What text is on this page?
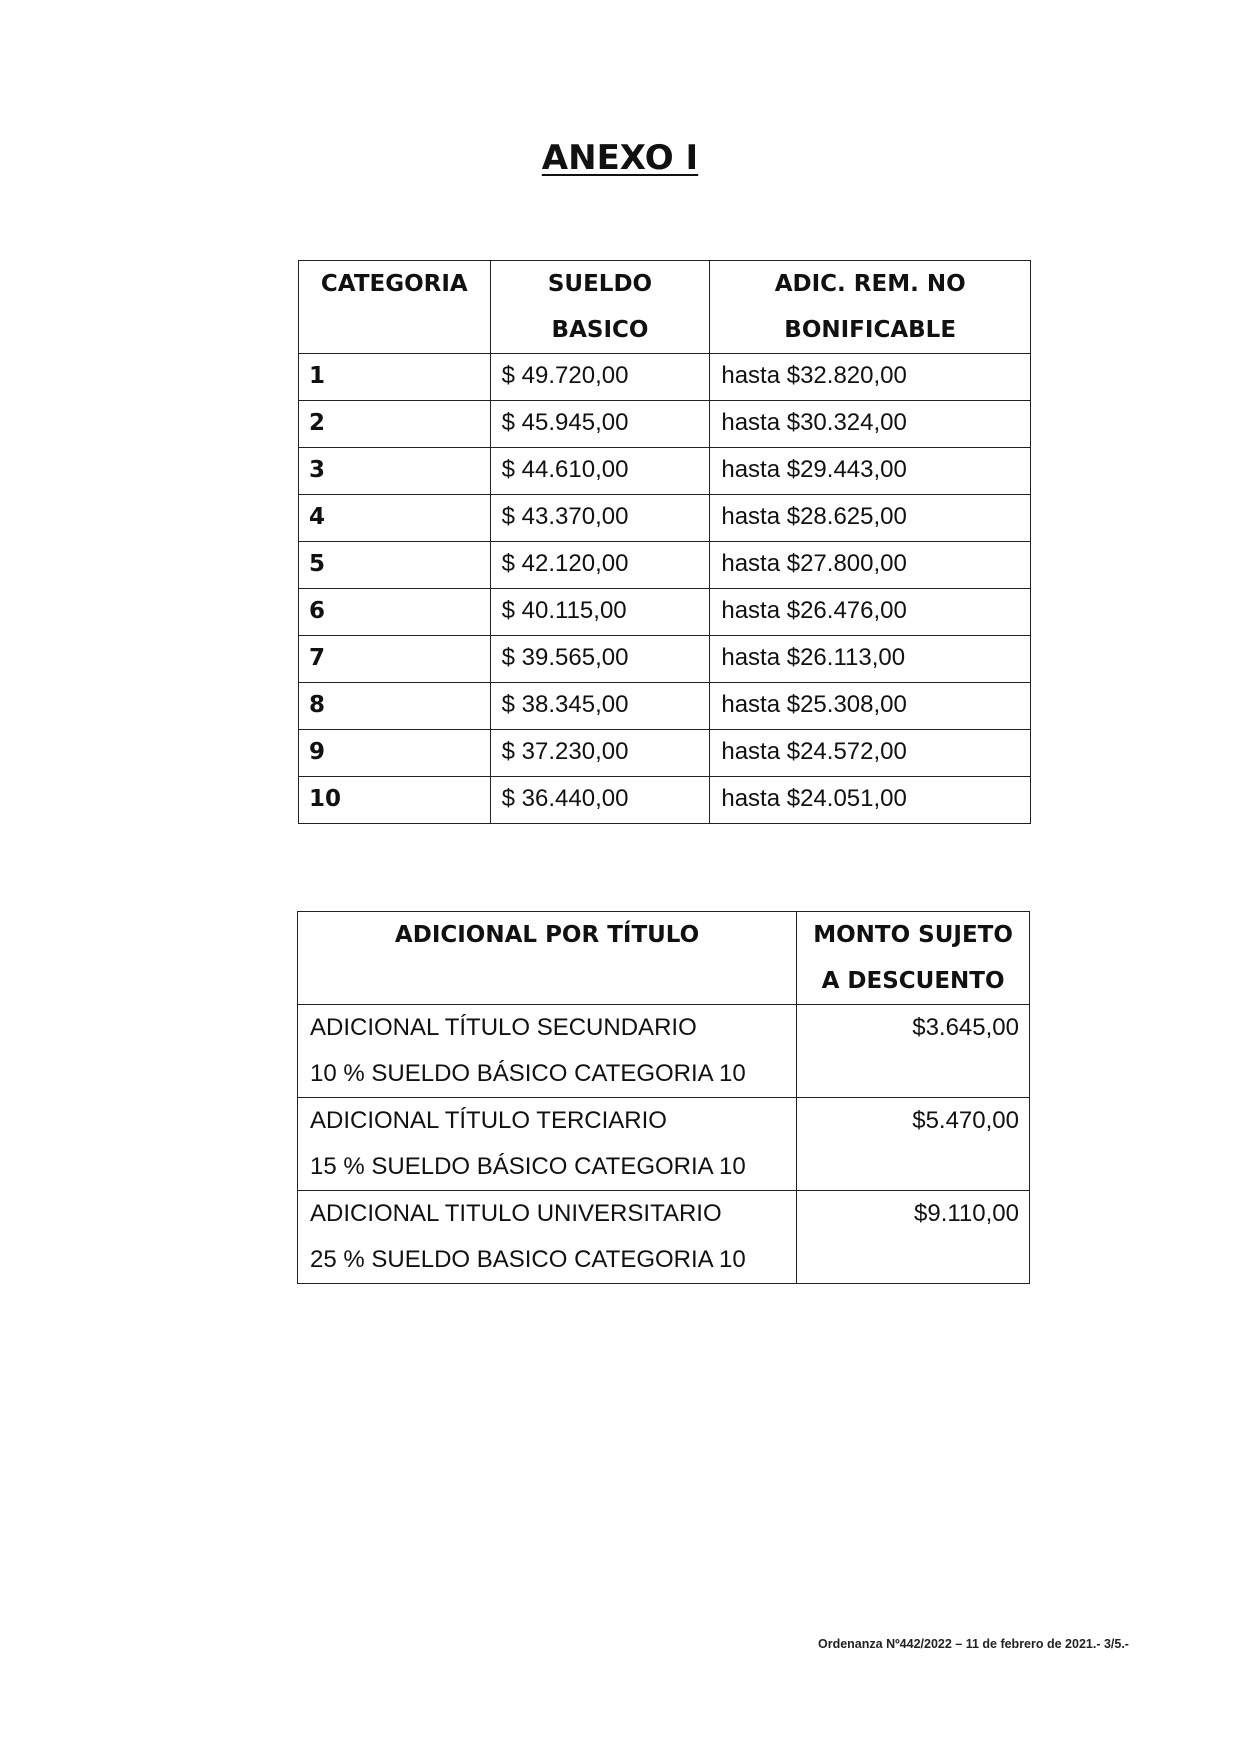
ANEXO I
CATEGORIA	SUELDO BASICO	ADIC. REM. NO BONIFICABLE
1	$ 49.720,00	hasta $32.820,00
2	$ 45.945,00	hasta $30.324,00
3	$ 44.610,00	hasta $29.443,00
4	$ 43.370,00	hasta $28.625,00
5	$ 42.120,00	hasta $27.800,00
6	$ 40.115,00	hasta $26.476,00
7	$ 39.565,00	hasta $26.113,00
8	$ 38.345,00	hasta $25.308,00
9	$ 37.230,00	hasta $24.572,00
10	$ 36.440,00	hasta $24.051,00
ADICIONAL POR TÍTULO	MONTO SUJETO A DESCUENTO

ADICIONAL TÍTULO SECUNDARIO
10 % SUELDO BÁSICO CATEGORIA 10	$3.645,00

ADICIONAL TÍTULO TERCIARIO
15 % SUELDO BÁSICO CATEGORIA 10	$5.470,00

ADICIONAL TITULO UNIVERSITARIO
25 % SUELDO BASICO CATEGORIA 10	$9.110,00
Ordenanza Nº442/2022 – 11 de febrero de 2021.- 3/5.-
